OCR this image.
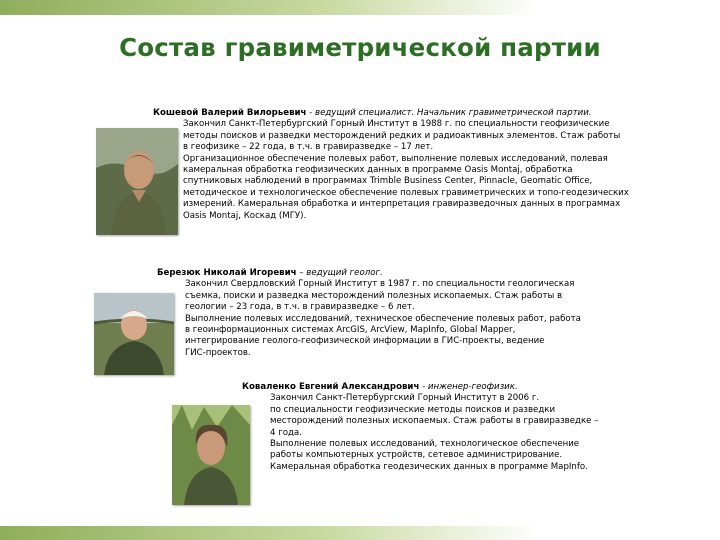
Состав гравиметрической партии
Кошевой Валерий Вилорьевич - ведущий специалист. Начальник гравиметрической партии.
Закончил Санкт-Петербургский Горный Институт в 1988 г. по специальности геофизические
методы поисков и разведки месторождений редких и радиоактивных элементов. Стаж работы
в геофизике – 22 года, в т.ч. в гравиразведке – 17 лет.
Организационное обеспечение полевых работ, выполнение полевых исследований, полевая
камеральная обработка геофизических данных в программе Oasis Montaj, обработка
спутниковых наблюдений в программах Trimble Business Center, Pinnacle, Geomatic Office,
методическое и технологическое обеспечение полевых гравиметрических и топо-геодезических
измерений. Камеральная обработка и интерпретация гравиразведочных данных в программах
Oasis Montaj, Коскад (МГУ).
Березюк Николай Игоревич – ведущий геолог.
Закончил Свердловский Горный Институт в 1987 г. по специальности геологическая
съемка, поиски и разведка месторождений полезных ископаемых. Стаж работы в
геологии – 23 года, в т.ч. в гравиразведке – 6 лет.
Выполнение полевых исследований, техническое обеспечение полевых работ, работа
в геоинформационных системах ArcGIS, ArcView, MapInfo, Global Mapper,
интегрирование геолого-геофизической информации в ГИС-проекты, ведение
ГИС-проектов.
Коваленко Евгений Александрович - инженер-геофизик.
Закончил Санкт-Петербургский Горный Институт в 2006 г.
по специальности геофизические методы поисков и разведки
месторождений полезных ископаемых. Стаж работы в гравиразведке –
4 года.
Выполнение полевых исследований, технологическое обеспечение
работы компьютерных устройств, сетевое администрирование.
Камеральная обработка геодезических данных в программе MapInfo.
